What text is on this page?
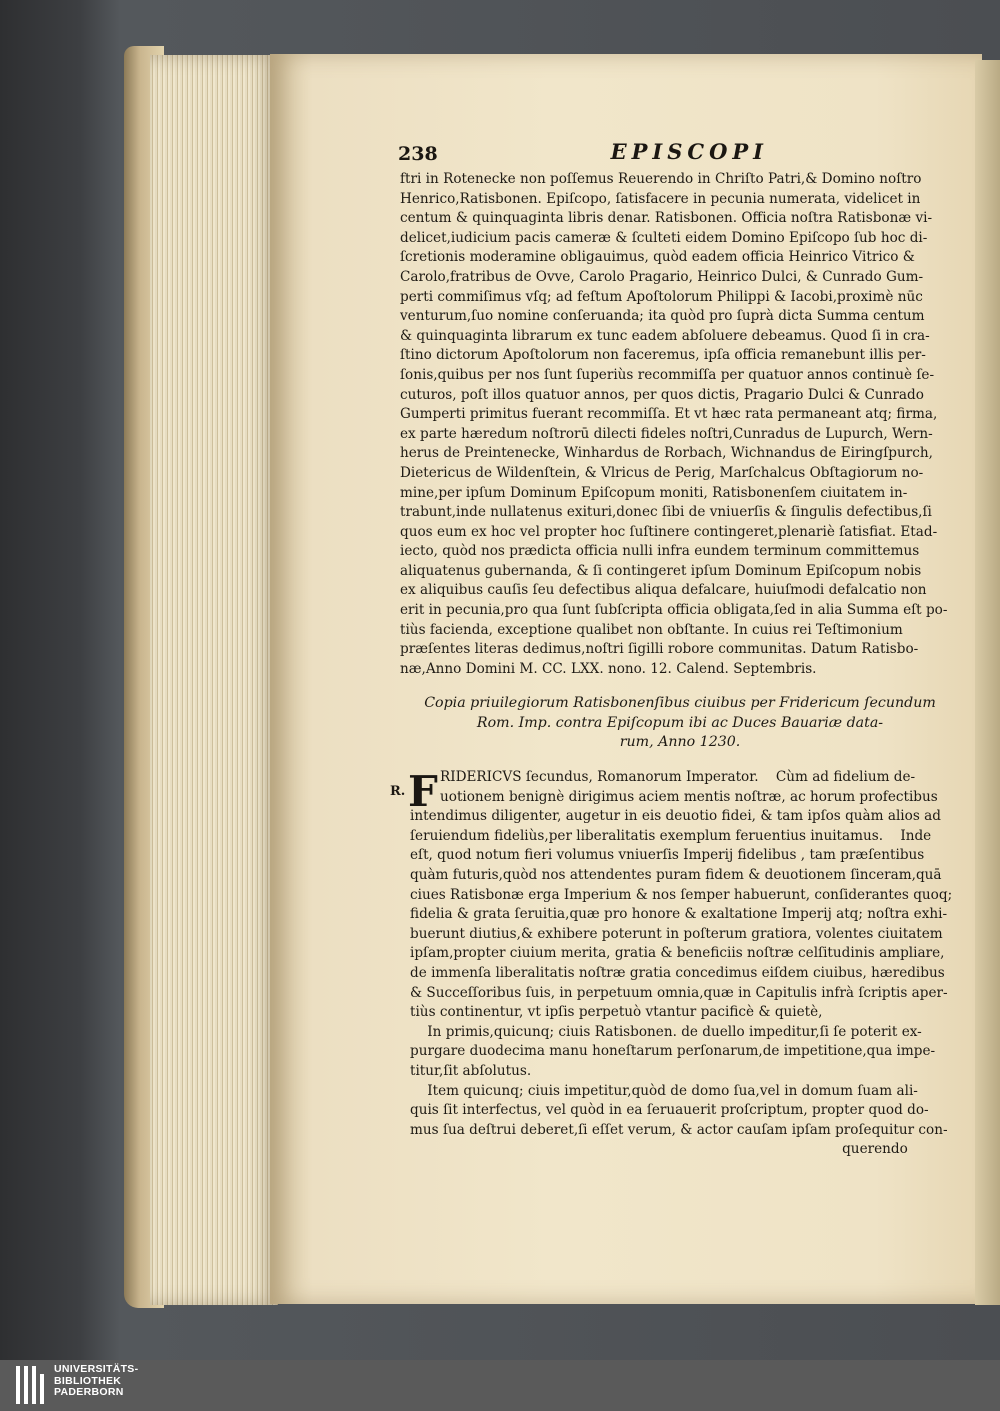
238	EPISCOPI
ftri in Rotenecke non poſſemus Reuerendo in Chriſto Patri,& Domino noſtro
Henrico,Ratisbonen. Epiſcopo, ſatisfacere in pecunia numerata, videlicet in
centum & quinquaginta libris denar. Ratisbonen. Officia noſtra Ratisbonæ vi-
delicet,iudicium pacis cameræ & ſculteti eidem Domino Epiſcopo ſub hoc di-
ſcretionis moderamine obligauimus, quòd eadem officia Heinrico Vitrico &
Carolo,fratribus de Ovve, Carolo Pragario, Heinrico Dulci, & Cunrado Gum-
perti commiſimus vſq; ad feſtum Apoſtolorum Philippi & Iacobi,proximè nūc
venturum,ſuo nomine conſeruanda; ita quòd pro ſuprà dicta Summa centum
& quinquaginta librarum ex tunc eadem abſoluere debeamus. Quod ſi in cra-
ſtino dictorum Apoſtolorum non faceremus, ipſa officia remanebunt illis per-
ſonis,quibus per nos ſunt ſuperiùs recommiſſa per quatuor annos continuè ſe-
cuturos, poſt illos quatuor annos, per quos dictis, Pragario Dulci & Cunrado
Gumperti primitus fuerant recommiſſa. Et vt hæc rata permaneant atq; firma,
ex parte hæredum noſtrorū dilecti fideles noſtri,Cunradus de Lupurch, Wern-
herus de Preintenecke, Winhardus de Rorbach, Wichnandus de Eiringſpurch,
Dietericus de Wildenſtein, & Vlricus de Perig, Marſchalcus Obſtagiorum no-
mine,per ipſum Dominum Epiſcopum moniti, Ratisbonenſem ciuitatem in-
trabunt,inde nullatenus exituri,donec ſibi de vniuerſis & ſingulis defectibus,ſi
quos eum ex hoc vel propter hoc ſuſtinere contingeret,plenariè ſatisfiat. Etad-
iecto, quòd nos prædicta officia nulli infra eundem terminum committemus
aliquatenus gubernanda, & ſi contingeret ipſum Dominum Epiſcopum nobis
ex aliquibus cauſis ſeu defectibus aliqua defalcare, huiuſmodi defalcatio non
erit in pecunia,pro qua ſunt ſubſcripta officia obligata,ſed in alia Summa eſt po-
tiùs facienda, exceptione qualibet non obſtante. In cuius rei Teſtimonium
præſentes literas dedimus,noſtri ſigilli robore communitas. Datum Ratisbo-
næ,Anno Domini M. CC. LXX. nono. 12. Calend. Septembris.
Copia priuilegiorum Ratisbonenſibus ciuibus per Fridericum ſecundum
Rom. Imp. contra Epiſcopum ibi ac Duces Bauariæ data-
rum, Anno 1230.
R. F RIDERICVS ſecundus, Romanorum Imperator.    Cùm ad fidelium de-
uotionem benignè dirigimus aciem mentis noſtræ, ac horum profectibus
intendimus diligenter, augetur in eis deuotio fidei, & tam ipſos quàm alios ad
ſeruiendum fideliùs,per liberalitatis exemplum feruentius inuitamus.    Inde
eſt, quod notum fieri volumus vniuerſis Imperij fidelibus , tam præſentibus
quàm futuris,quòd nos attendentes puram fidem & deuotionem ſinceram,quā
ciues Ratisbonæ erga Imperium & nos ſemper habuerunt, conſiderantes quoq;
fidelia & grata ſeruitia,quæ pro honore & exaltatione Imperij atq; noſtra exhi-
buerunt diutius,& exhibere poterunt in poſterum gratiora, volentes ciuitatem
ipſam,propter ciuium merita, gratia & beneficiis noſtræ celſitudinis ampliare,
de immenſa liberalitatis noſtræ gratia concedimus eiſdem ciuibus, hæredibus
& Succeſſoribus ſuis, in perpetuum omnia,quæ in Capitulis infrà ſcriptis aper-
tiùs continentur, vt ipſis perpetuò vtantur pacificè & quietè,
In primis,quicunq; ciuis Ratisbonen. de duello impeditur,ſi ſe poterit ex-
purgare duodecima manu honeſtarum perſonarum,de impetitione,qua impe-
titur,ſit abſolutus.
Item quicunq; ciuis impetitur,quòd de domo ſua,vel in domum ſuam ali-
quis ſit interfectus, vel quòd in ea ſeruauerit proſcriptum, propter quod do-
mus ſua deſtrui deberet,ſi eſſet verum, & actor cauſam ipſam proſequitur con-
querendo
UNIVERSITÄTS-
BIBLIOTHEK
PADERBORN
